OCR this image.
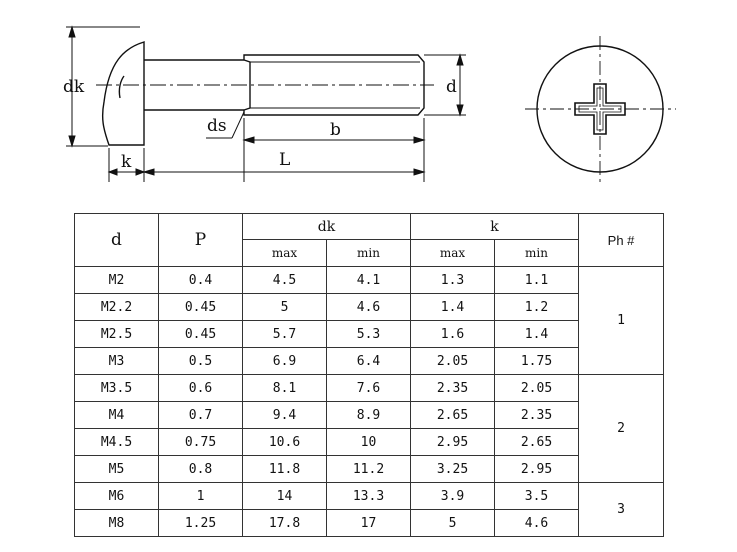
dk	d
ds	b
L
k
d	P	dk		k		Ph #
		max	min	max	min	
M2	0.4	4.5	4.1	1.3	1.1	1
M2.2	0.45	5	4.6	1.4	1.2	
M2.5	0.45	5.7	5.3	1.6	1.4	
M3	0.5	6.9	6.4	2.05	1.75	
M3.5	0.6	8.1	7.6	2.35	2.05	2
M4	0.7	9.4	8.9	2.65	2.35	
M4.5	0.75	10.6	10	2.95	2.65	
M5	0.8	11.8	11.2	3.25	2.95	
M6	1	14	13.3	3.9	3.5	3
M8	1.25	17.8	17	5	4.6	
